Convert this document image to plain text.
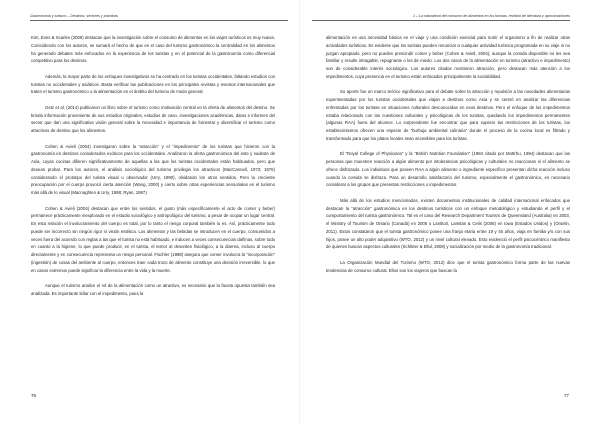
Gastronomía y turismo – Destinos, sectores y prácticas

Kim, Eves & Scarles (2009) destacan que la investigación sobre el consumo de alimentos en los viajes turísticos es muy nueva. Coincidiendo con los autores, se sumará el hecho de que en el caso del turismo gastronómico la centralidad en los alimentos ha generado debates más enfocados en la experiencia de los turistas y en el potencial de la gastronomía como diferencial competitivo para los destinos.

Además, la mayor parte de los enfoques investigativos se ha centrado en los turistas occidentales, faltando estudios con turistas no occidentales y asiáticos. Basta verificar las publicaciones en los principales revistas y eventos internacionales que traten el turismo gastronómico o la alimentación en el ámbito del turismo de modo general.

Getz et al. (2014) publicaron un libro sobre el turismo como motivación central en la oferta de alimentos del destino. Se brinda información proveniente de sus estudios originales, estudios de caso, investigaciones académicas, datos e informes del sector que dan una significativa visión general sobre la necesidad e importancia de fomentar y diversificar el turismo como atractivos de destino que los alimentos.

Cohen & Avieli (2004) investigaron sobre la “atracción” y el “impedimento” de los turistas que hicieron con la gastronomía en destinos considerados exóticos para los occidentales. Analizaron la oferta gastronómica del este y sudeste de Asia, cuyas cocinas difieren significativamente de aquellas a las que los turistas occidentales están habituados, pero que desean probar. Para los autores, el análisis sociológico del turismo privilegia los atractivos (MacCannell, 1973; 1976) considerando el prototipo del turista visual u observador (Urry, 1990), olvidando los otros sentidos. Pero la creciente preocupación por el cuerpo provocó cierta atención (Wang, 2000) y cierto sobre otras experiencias sensoriales en el turismo más allá de lo visual (Macnaghten & Urry, 1998; Ryan, 1997).

Cohen & Avieli (2004) destacan que entre los sentidos, el gusto (más específicamente el acto de comer y beber) permanece prácticamente inexplorado en el estudio sociológico y antropológico del turismo, a pesar de ocupar un lugar central. En esta relación el involucramiento del cuerpo es total, por lo tanto el riesgo corporal también lo es. Así, prácticamente todo puede ser incorrecto sin ningún rigor ni visión estética. Los alimentos y las bebidas se introducen en el cuerpo, consumidos a veces fuera del acuerdo con reglas a las que el turista no está habituado, e inducen a veces consecuencias dañinas, sobre todo en cuanto a la higiene, lo que puede producir, en el turista, el temor al desorden fisiológico, a la diarrea, incluso al cuerpo directamente y en consecuencia representa un riesgo personal. Fischler (1988) asegura que comer involucra la “incorporación” (ingestión) de cosas del ambiente al cuerpo, entonces traer cada trozo de alimento constituye una decisión irreversible, lo que en casos extremos puede significar la diferencia entre la vida y la muerte.

Aunque el turismo analice el rol de la alimentación como un atractivo, es necesario que la faceta opuesta también sea analizada. Es importante lidiar con el impedimento, pues la

76
1 – La naturaleza del consumo de alimentos en los turistas: revisión de literatura y aproximaciones

alimentación es una necesidad básica en el viaje y una condición esencial para nutrir el organismo a fin de realizar otras actividades turísticas. Es evidente que los turistas pueden renunciar a cualquier actividad turística programada en su viaje si no juzgan apropiado, pero no pueden prescindir comer y beber (Cohen & Avieli, 2004), aunque la comida disponible no les sea familiar y resulte intragable, repugnante o les de miedo. Los dos casos de la alimentación en turismo (atractivo e impedimento) son de considerable interés sociológico. Los autores citados mostraron atracción, pero destacan más atención a los impedimentos, cuya presencia en el turismo están enfocados principalmente la sociabilidad.

Su aporte fue un marco teórico significativo para el debate sobre la atracción y repulsión a las novedades alimentarias experimentadas por los turistas occidentales que viajan a destinos como Asia y se centró en analizar las diferencias enfrentadas por los turistas en situaciones culturales desconocidas en esos destinos. Pero el enfoque de los impedimentos estaba relacionado con las cuestiones culturales y psicológicas de los turistas, quedando los impedimentos permanentes (algunas RAA) fuera del alcance. Lo sorprendente fue encontrar que para superar las restricciones de los turistas, los establecimientos ofrecen una especie de “burbuja ambiental culinaria” donde el proceso de la cocina local es filtrado y transformado para que los platos locales sean accesibles para los turistas.

El “Royal College of Physicians” y la “British Nutrition Foundation” (1984 citado por Mottrhu, 1994) destacan que las personas que muestren reacción a algún alimento por intolerancias psicológicas y culturales no reaccionan si el alimento se ofrece disfrazado. Los individuos que poseen RAA a algún alimento o ingrediente específico presentan dicha reacción incluso cuando la comida se disfraza. Para un desarrollo satisfactorio del turismo, especialmente el gastronómico, es necesario considerar a los grupos que presentan restricciones o impedimentos.

Más allá de los estudios mencionados, existen documentos institucionales de calidad internacional enfocados que destacan la “atracción” gastronómica en los destinos turísticos con un enfoque metodológico y estudiando el perfil y el comportamiento del turista gastronómico. Tal es el caso del Research Department Tourism de Queensland (Australia) en 2003, el Ministry of Tourism de Ontario (Canadá) en 2005 o Lantitoti, Lamitan & Celis (2006) en Iowa (Estados Unidos) y (Orselin, 2011). Estos constataron que el turista gastronómico posee una franja etaria entre 19 y 45 años, viaja en familia y/o con sus hijos, posee un alto poder adquisitivo (WTO, 2012) y un nivel cultural elevado. Esto evidenció el perfil psicocéntrico manifiesto de quienes buscan aspectos culturales (Schlüter & Ellul, 2008) y socialización por medio de la gastronomía tradicional.

La Organización Mundial del Turismo (WTO, 2012) dice que el turista gastronómico forma parte de las nuevas tendencias de consumo cultural. Ellos son los viajeros que buscan la

77
